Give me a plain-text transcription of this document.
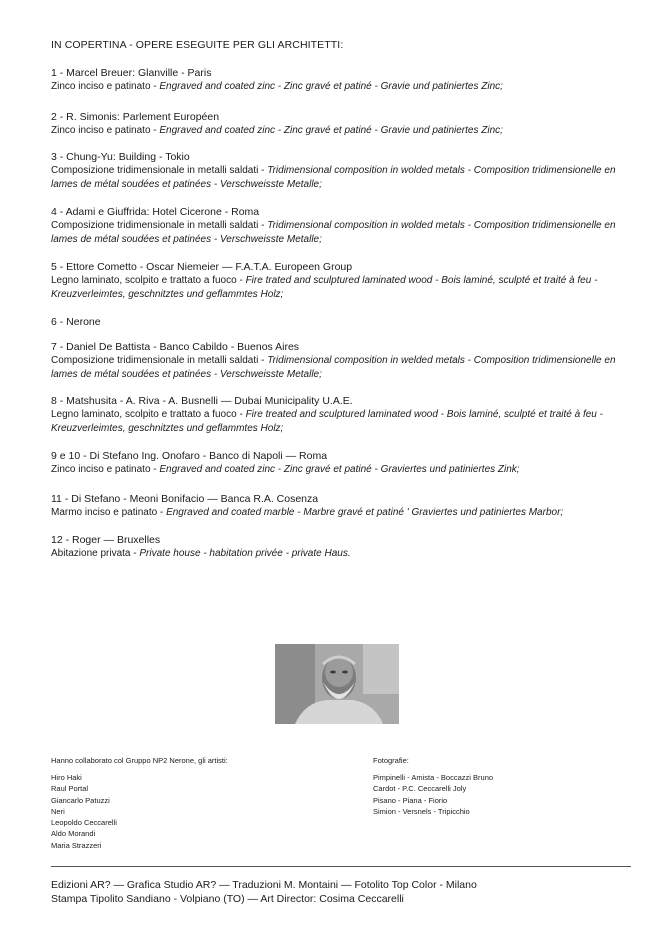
IN COPERTINA - OPERE ESEGUITE PER GLI ARCHITETTI:
1 - Marcel Breuer: Glanville - Paris
Zinco inciso e patinato - Engraved and coated zinc - Zinc gravé et patiné - Gravie und patiniertes Zinc;
2 - R. Simonis: Parlement Européen
Zinco inciso e patinato - Engraved and coated zinc - Zinc gravé et patiné - Gravie und patiniertes Zinc;
3 - Chung-Yu: Building - Tokio
Composizione tridimensionale in metalli saldati - Tridimensional composition in wolded metals - Composition tridimensionelle en lames de métal soudées et patinées - Verschweisste Metalle;
4 - Adami e Giuffrida: Hotel Cicerone - Roma
Composizione tridimensionale in metalli saldati - Tridimensional composition in wolded metals - Composition tridimensionelle en lames de métal soudées et patinées - Verschweisste Metalle;
5 - Ettore Cometto - Oscar Niemeier — F.A.T.A. Europeen Group
Legno laminato, scolpito e trattato a fuoco - Fire trated and sculptured laminated wood - Bois laminé, sculpté et traité à feu - Kreuzverleimtes, geschnitztes und geflammtes Holz;
6 - Nerone
7 - Daniel De Battista - Banco Cabildo - Buenos Aires
Composizione tridimensionale in metalli saldati - Tridimensional composition in welded metals - Composition tridimensionelle en lames de métal soudées et patinées - Verschweisste Metalle;
8 - Matshusita - A. Riva - A. Busnelli — Dubai Municipality U.A.E.
Legno laminato, scolpito e trattato a fuoco - Fire treated and sculptured laminated wood - Bois laminé, sculpté et traité à feu - Kreuzverleimtes, geschnitztes und geflammtes Holz;
9 e 10 - Di Stefano Ing. Onofaro - Banco di Napoli — Roma
Zinco inciso e patinato - Engraved and coated zinc - Zinc gravé et patiné - Graviertes und patiniertes Zink;
11 - Di Stefano - Meoni Bonifacio — Banca R.A. Cosenza
Marmo inciso e patinato - Engraved and coated marble - Marbre gravé et patiné ' Graviertes und patiniertes Marbor;
12 - Roger — Bruxelles
Abitazione privata - Private house - habitation privée - private Haus.
Hanno collaborato col Gruppo NP2 Nerone, gli artisti:
Hiro Haki
Raul Portal
Giancarlo Patuzzi
Neri
Leopoldo Ceccarelli
Aldo Morandi
Maria Strazzeri
Fotografie:
Pimpinelli - Amista - Boccazzi Bruno
Cardot - P.C. Ceccarelli Joly
Pisano - Piana - Fiorio
Simion - Versnels - Tripicchio
Edizioni AR? — Grafica Studio AR? — Traduzioni M. Montaini — Fotolito Top Color - Milano
Stampa Tipolito Sandiano - Volpiano (TO) — Art Director: Cosima Ceccarelli
